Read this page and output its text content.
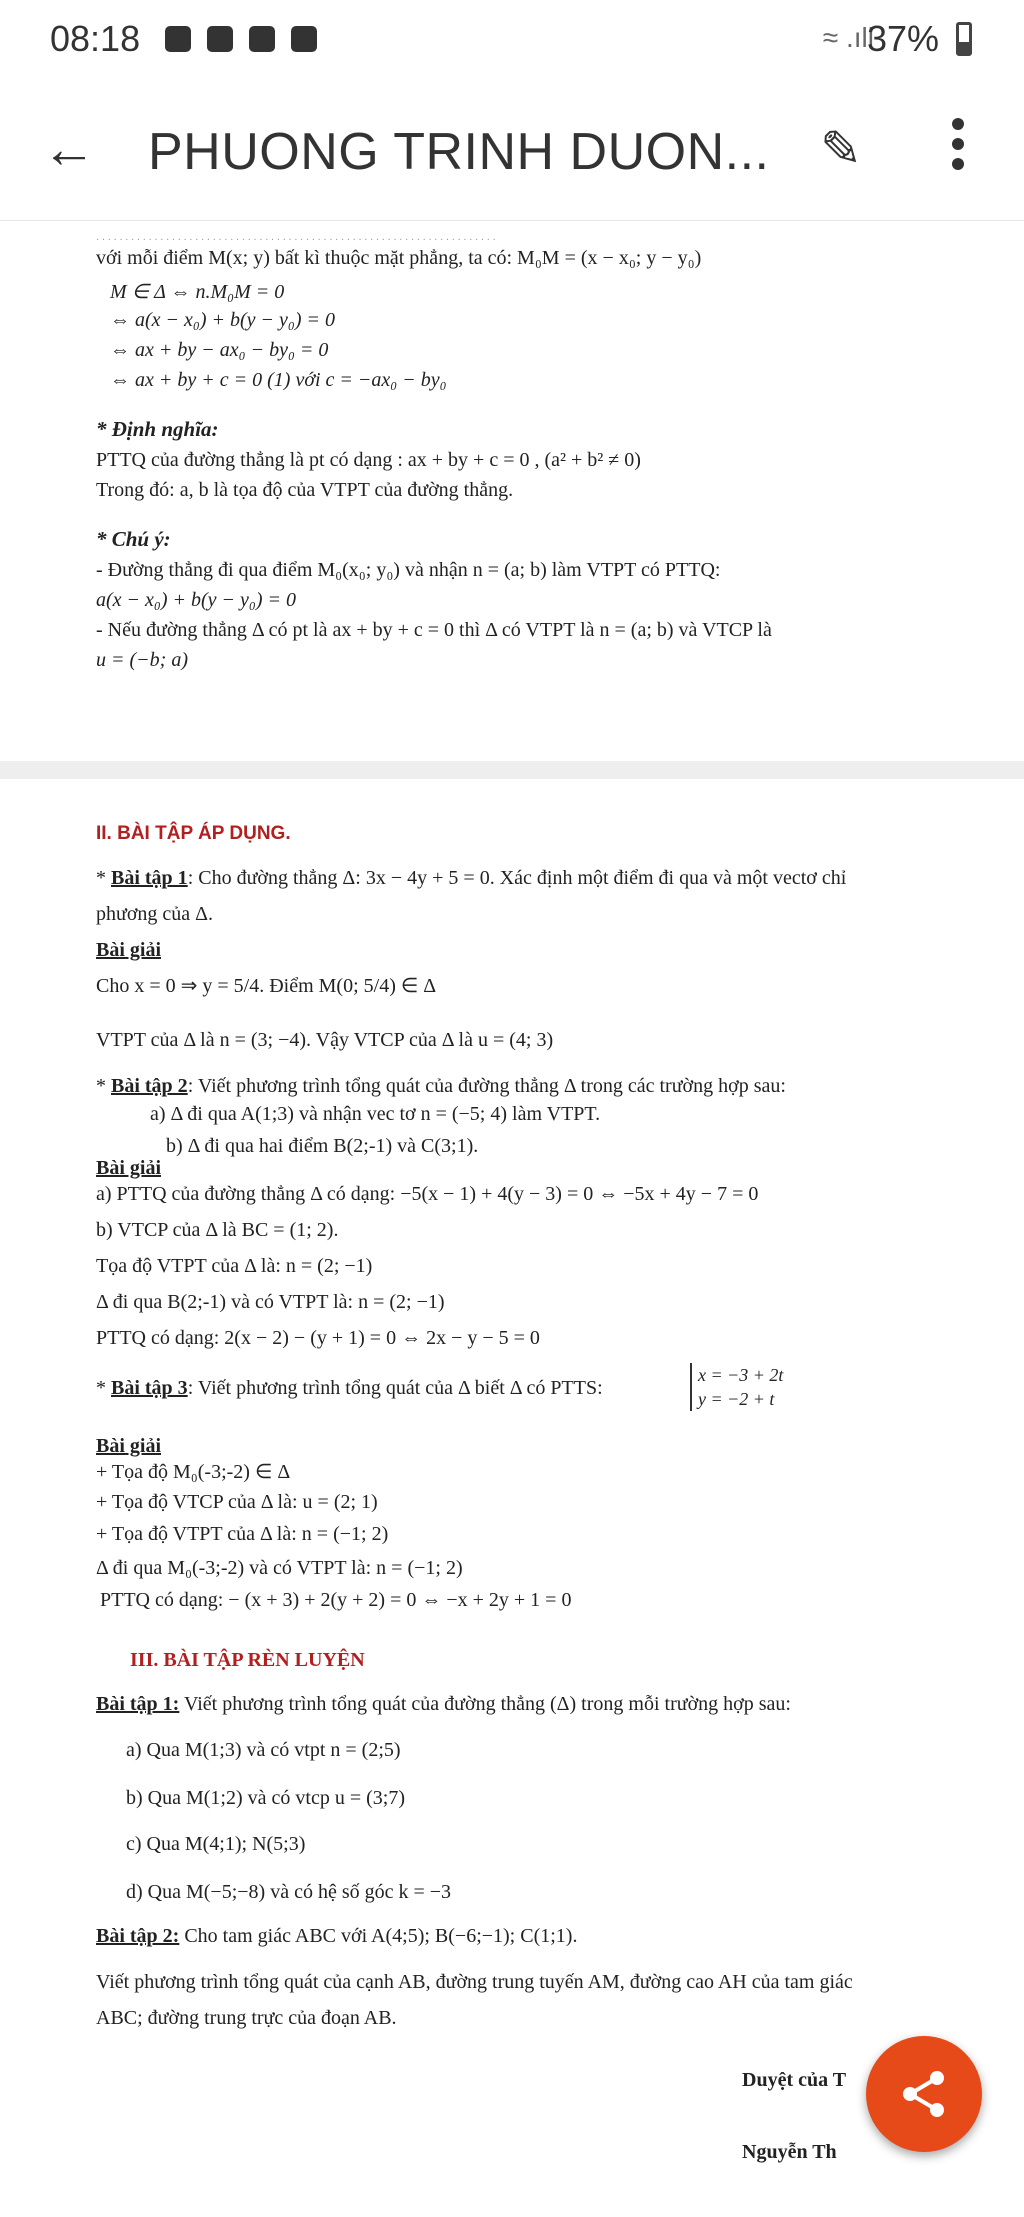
08:18	≈ .ıll
37%
← PHUONG TRINH DUON... ✎
· · · · · · · · · · · · · · · · · · · · · · · · · · · · · · · · · · · · · · · · · · · · · · · · · · · · · · · · · · · · · · · · · · · · ·
với mỗi điểm M(x; y) bất kì thuộc mặt phẳng, ta có: M₀M = (x − x₀; y − y₀)
M ∈ Δ ⇔ n.M₀M = 0
⇔ a(x − x₀) + b(y − y₀) = 0
⇔ ax + by − ax₀ − by₀ = 0
⇔ ax + by + c = 0 (1) với c = −ax₀ − by₀
* Định nghĩa:
PTTQ của đường thẳng là pt có dạng : ax + by + c = 0 , (a² + b² ≠ 0)
Trong đó: a, b là tọa độ của VTPT của đường thẳng.
* Chú ý:
- Đường thẳng đi qua điểm M₀(x₀; y₀) và nhận n = (a; b) làm VTPT có PTTQ:
a(x − x₀) + b(y − y₀) = 0
- Nếu đường thẳng Δ có pt là ax + by + c = 0 thì Δ có VTPT là n = (a; b) và VTCP là
u = (−b; a)
II. BÀI TẬP ÁP DỤNG.
* Bài tập 1: Cho đường thẳng Δ: 3x − 4y + 5 = 0. Xác định một điểm đi qua và một vectơ chỉ
phương của Δ.
Bài giải
Cho x = 0 ⇒ y = 5/4. Điểm M(0; 5/4) ∈ Δ
VTPT của Δ là n = (3; −4). Vậy VTCP của Δ là u = (4; 3)
* Bài tập 2: Viết phương trình tổng quát của đường thẳng Δ trong các trường hợp sau:
a) Δ đi qua A(1;3) và nhận vec tơ n = (−5; 4) làm VTPT.
b) Δ đi qua hai điểm B(2;-1) và C(3;1).
Bài giải
a) PTTQ của đường thẳng Δ có dạng: −5(x − 1) + 4(y − 3) = 0 ⇔ −5x + 4y − 7 = 0
b) VTCP của Δ là BC = (1; 2).
Tọa độ VTPT của Δ là: n = (2; −1)
Δ đi qua B(2;-1) và có VTPT là: n = (2; −1)
PTTQ có dạng: 2(x − 2) − (y + 1) = 0 ⇔ 2x − y − 5 = 0
* Bài tập 3: Viết phương trình tổng quát của Δ biết Δ có PTTS:
x = −3 + 2t
y = −2 + t
Bài giải
+ Tọa độ M₀(-3;-2) ∈ Δ
+ Tọa độ VTCP của Δ là: u = (2; 1)
+ Tọa độ VTPT của Δ là: n = (−1; 2)
Δ đi qua M₀(-3;-2) và có VTPT là: n = (−1; 2)
PTTQ có dạng: − (x + 3) + 2(y + 2) = 0 ⇔ −x + 2y + 1 = 0
III. BÀI TẬP RÈN LUYỆN
Bài tập 1: Viết phương trình tổng quát của đường thẳng (Δ) trong mỗi trường hợp sau:
a) Qua M(1;3) và có vtpt n = (2;5)
b) Qua M(1;2) và có vtcp u = (3;7)
c) Qua M(4;1); N(5;3)
d) Qua M(−5;−8) và có hệ số góc k = −3
Bài tập 2: Cho tam giác ABC với A(4;5); B(−6;−1); C(1;1).
Viết phương trình tổng quát của cạnh AB, đường trung tuyến AM, đường cao AH của tam giác
ABC; đường trung trực của đoạn AB.
Duyệt của T
Nguyễn Th
